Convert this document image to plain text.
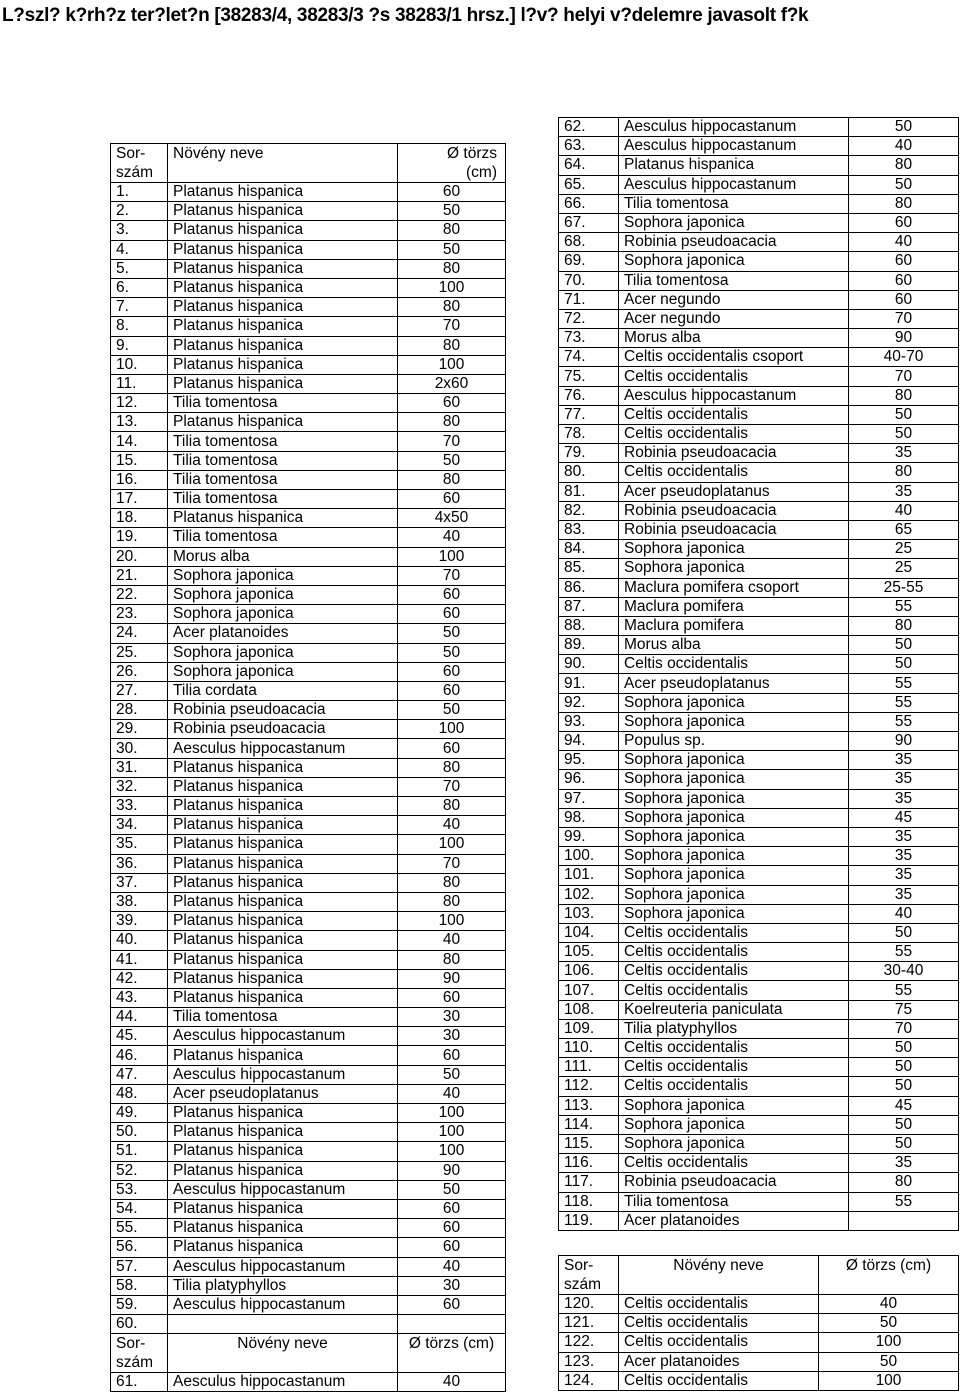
L?szl? k?rh?z ter?let?n [38283/4, 38283/3 ?s 38283/1 hrsz.] l?v? helyi v?delemre javasolt f?k
Sor-
szám	Növény neve	Ø törzs
(cm)
1.	Platanus hispanica	60
2.	Platanus hispanica	50
3.	Platanus hispanica	80
4.	Platanus hispanica	50
5.	Platanus hispanica	80
6.	Platanus hispanica	100
7.	Platanus hispanica	80
8.	Platanus hispanica	70
9.	Platanus hispanica	80
10.	Platanus hispanica	100
11.	Platanus hispanica	2x60
12.	Tilia tomentosa	60
13.	Platanus hispanica	80
14.	Tilia tomentosa	70
15.	Tilia tomentosa	50
16.	Tilia tomentosa	80
17.	Tilia tomentosa	60
18.	Platanus hispanica	4x50
19.	Tilia tomentosa	40
20.	Morus alba	100
21.	Sophora japonica	70
22.	Sophora japonica	60
23.	Sophora japonica	60
24.	Acer platanoides	50
25.	Sophora japonica	50
26.	Sophora japonica	60
27.	Tilia cordata	60
28.	Robinia pseudoacacia	50
29.	Robinia pseudoacacia	100
30.	Aesculus hippocastanum	60
31.	Platanus hispanica	80
32.	Platanus hispanica	70
33.	Platanus hispanica	80
34.	Platanus hispanica	40
35.	Platanus hispanica	100
36.	Platanus hispanica	70
37.	Platanus hispanica	80
38.	Platanus hispanica	80
39.	Platanus hispanica	100
40.	Platanus hispanica	40
41.	Platanus hispanica	80
42.	Platanus hispanica	90
43.	Platanus hispanica	60
44.	Tilia tomentosa	30
45.	Aesculus hippocastanum	30
46.	Platanus hispanica	60
47.	Aesculus hippocastanum	50
48.	Acer pseudoplatanus	40
49.	Platanus hispanica	100
50.	Platanus hispanica	100
51.	Platanus hispanica	100
52.	Platanus hispanica	90
53.	Aesculus hippocastanum	50
54.	Platanus hispanica	60
55.	Platanus hispanica	60
56.	Platanus hispanica	60
57.	Aesculus hippocastanum	40
58.	Tilia platyphyllos	30
59.	Aesculus hippocastanum	60
60.		
Sor-
szám	Növény neve	Ø törzs (cm)
61.	Aesculus hippocastanum	40
62.	Aesculus hippocastanum	50
63.	Aesculus hippocastanum	40
64.	Platanus hispanica	80
65.	Aesculus hippocastanum	50
66.	Tilia tomentosa	80
67.	Sophora japonica	60
68.	Robinia pseudoacacia	40
69.	Sophora japonica	60
70.	Tilia tomentosa	60
71.	Acer negundo	60
72.	Acer negundo	70
73.	Morus alba	90
74.	Celtis occidentalis csoport	40-70
75.	Celtis occidentalis	70
76.	Aesculus hippocastanum	80
77.	Celtis occidentalis	50
78.	Celtis occidentalis	50
79.	Robinia pseudoacacia	35
80.	Celtis occidentalis	80
81.	Acer pseudoplatanus	35
82.	Robinia pseudoacacia	40
83.	Robinia pseudoacacia	65
84.	Sophora japonica	25
85.	Sophora japonica	25
86.	Maclura pomifera csoport	25-55
87.	Maclura pomifera	55
88.	Maclura pomifera	80
89.	Morus alba	50
90.	Celtis occidentalis	50
91.	Acer pseudoplatanus	55
92.	Sophora japonica	55
93.	Sophora japonica	55
94.	Populus sp.	90
95.	Sophora japonica	35
96.	Sophora japonica	35
97.	Sophora japonica	35
98.	Sophora japonica	45
99.	Sophora japonica	35
100.	Sophora japonica	35
101.	Sophora japonica	35
102.	Sophora japonica	35
103.	Sophora japonica	40
104.	Celtis occidentalis	50
105.	Celtis occidentalis	55
106.	Celtis occidentalis	30-40
107.	Celtis occidentalis	55
108.	Koelreuteria paniculata	75
109.	Tilia platyphyllos	70
110.	Celtis occidentalis	50
111.	Celtis occidentalis	50
112.	Celtis occidentalis	50
113.	Sophora japonica	45
114.	Sophora japonica	50
115.	Sophora japonica	50
116.	Celtis occidentalis	35
117.	Robinia pseudoacacia	80
118.	Tilia tomentosa	55
119.	Acer platanoides	
Sor-
szám	Növény neve	Ø törzs (cm)
120.	Celtis occidentalis	40
121.	Celtis occidentalis	50
122.	Celtis occidentalis	100
123.	Acer platanoides	50
124.	Celtis occidentalis	100
